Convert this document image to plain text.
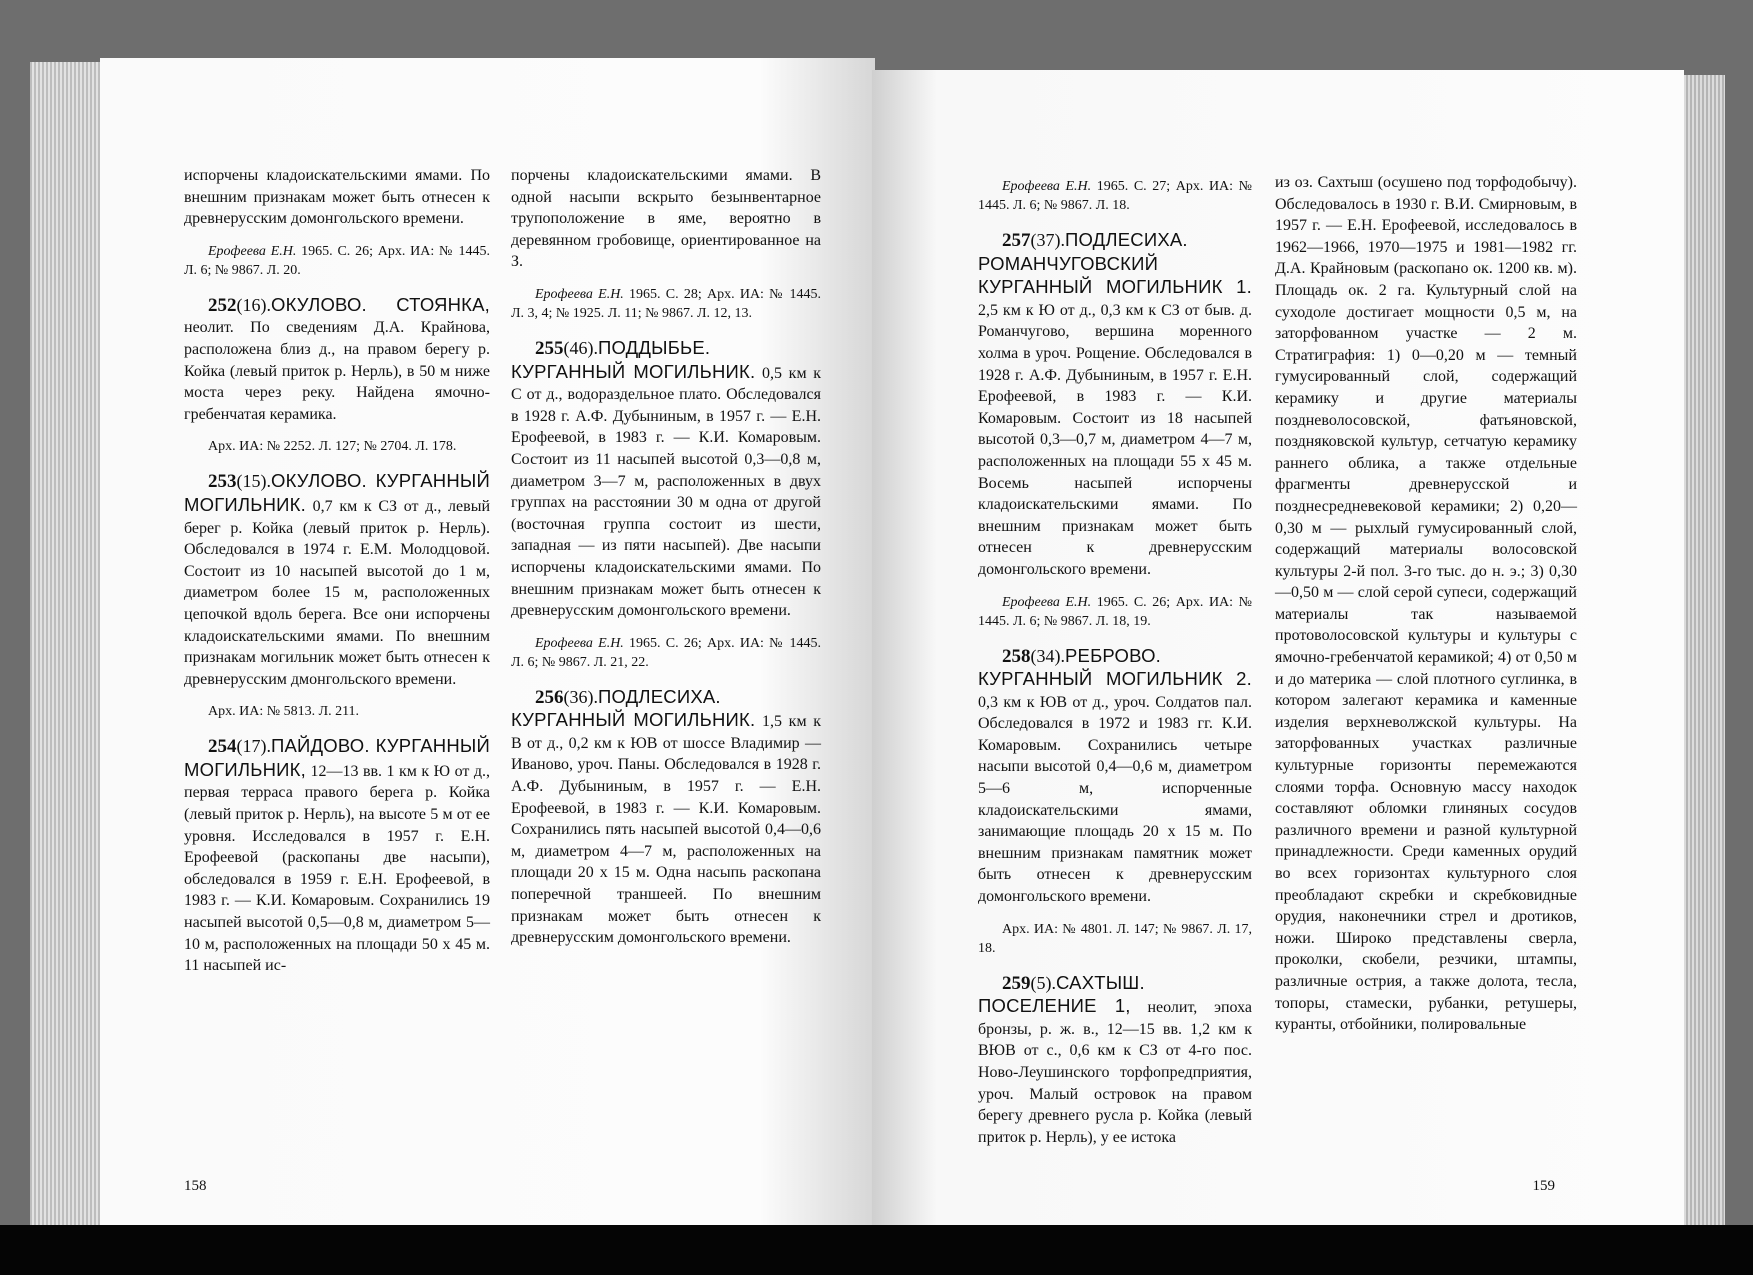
испорчены кладоискательскими ямами. По внешним признакам может быть отнесен к древнерусским домонгольского времени.

Ерофеева Е.Н. 1965. С. 26; Арх. ИА: № 1445. Л. 6; № 9867. Л. 20.

252(16).ОКУЛОВО. СТОЯНКА, неолит. По сведениям Д.А. Крайнова, расположена близ д., на правом берегу р. Койка (левый приток р. Нерль), в 50 м ниже моста через реку. Найдена ямочно-гребенчатая керамика.

Арх. ИА: № 2252. Л. 127; № 2704. Л. 178.

253(15).ОКУЛОВО. КУРГАННЫЙ МОГИЛЬНИК. 0,7 км к СЗ от д., левый берег р. Койка (левый приток р. Нерль). Обследовался в 1974 г. Е.М. Молодцовой. Состоит из 10 насыпей высотой до 1 м, диаметром более 15 м, расположенных цепочкой вдоль берега. Все они испорчены кладоискательскими ямами. По внешним признакам могильник может быть отнесен к древнерусским дмонгольского времени.

Арх. ИА: № 5813. Л. 211.

254(17).ПАЙДОВО. КУРГАННЫЙ МОГИЛЬНИК, 12—13 вв. 1 км к Ю от д., первая терраса правого берега р. Койка (левый приток р. Нерль), на высоте 5 м от ее уровня. Исследовался в 1957 г. Е.Н. Ерофеевой (раскопаны две насыпи), обследовался в 1959 г. Е.Н. Ерофеевой, в 1983 г. — К.И. Комаровым. Сохранились 19 насыпей высотой 0,5—0,8 м, диаметром 5—10 м, расположенных на площади 50 х 45 м. 11 насыпей ис-

158

порчены кладоискательскими ямами. В одной насыпи вскрыто безынвентарное трупоположение в яме, вероятно в деревянном гробовище, ориентированное на З.

Ерофеева Е.Н. 1965. С. 28; Арх. ИА: № 1445. Л. 3, 4; № 1925. Л. 11; № 9867. Л. 12, 13.

255(46).ПОДДЫБЬЕ. КУРГАННЫЙ МОГИЛЬНИК. 0,5 км к С от д., водораздельное плато. Обследовался в 1928 г. А.Ф. Дубыниным, в 1957 г. — Е.Н. Ерофеевой, в 1983 г. — К.И. Комаровым. Состоит из 11 насыпей высотой 0,3—0,8 м, диаметром 3—7 м, расположенных в двух группах на расстоянии 30 м одна от другой (восточная группа состоит из шести, западная — из пяти насыпей). Две насыпи испорчены кладоискательскими ямами. По внешним признакам может быть отнесен к древнерусским домонгольского времени.

Ерофеева Е.Н. 1965. С. 26; Арх. ИА: № 1445. Л. 6; № 9867. Л. 21, 22.

256(36).ПОДЛЕСИХА. КУРГАННЫЙ МОГИЛЬНИК. 1,5 км к В от д., 0,2 км к ЮВ от шоссе Владимир — Иваново, уроч. Паны. Обследовался в 1928 г. А.Ф. Дубыниным, в 1957 г. — Е.Н. Ерофеевой, в 1983 г. — К.И. Комаровым. Сохранились пять насыпей высотой 0,4—0,6 м, диаметром 4—7 м, расположенных на площади 20 х 15 м. Одна насыпь раскопана поперечной траншеей. По внешним признакам может быть отнесен к древнерусским домонгольского времени.

Ерофеева Е.Н. 1965. С. 27; Арх. ИА: № 1445. Л. 6; № 9867. Л. 18.

257(37).ПОДЛЕСИХА. РОМАНЧУГОВСКИЙ КУРГАННЫЙ МОГИЛЬНИК 1. 2,5 км к Ю от д., 0,3 км к СЗ от быв. д. Романчугово, вершина моренного холма в уроч. Рощение. Обследовался в 1928 г. А.Ф. Дубыниным, в 1957 г. Е.Н. Ерофеевой, в 1983 г. — К.И. Комаровым. Состоит из 18 насыпей высотой 0,3—0,7 м, диаметром 4—7 м, расположенных на площади 55 х 45 м. Восемь насыпей испорчены кладоискательскими ямами. По внешним признакам может быть отнесен к древнерусским домонгольского времени.

Ерофеева Е.Н. 1965. С. 26; Арх. ИА: № 1445. Л. 6; № 9867. Л. 18, 19.

258(34).РЕБРОВО. КУРГАННЫЙ МОГИЛЬНИК 2. 0,3 км к ЮВ от д., уроч. Солдатов пал. Обследовался в 1972 и 1983 гг. К.И. Комаровым. Сохранились четыре насыпи высотой 0,4—0,6 м, диаметром 5—6 м, испорченные кладоискательскими ямами, занимающие площадь 20 х 15 м. По внешним признакам памятник может быть отнесен к древнерусским домонгольского времени.

Арх. ИА: № 4801. Л. 147; № 9867. Л. 17, 18.

259(5).САХТЫШ. ПОСЕЛЕНИЕ 1, неолит, эпоха бронзы, р. ж. в., 12—15 вв. 1,2 км к ВЮВ от с., 0,6 км к СЗ от 4-го пос. Ново-Леушинского торфопредприятия, уроч. Малый островок на правом берегу древнего русла р. Койка (левый приток р. Нерль), у ее истока

из оз. Сахтыш (осушено под торфодобычу). Обследовалось в 1930 г. В.И. Смирновым, в 1957 г. — Е.Н. Ерофеевой, исследовалось в 1962—1966, 1970—1975 и 1981—1982 гг. Д.А. Крайновым (раскопано ок. 1200 кв. м). Площадь ок. 2 га. Культурный слой на суходоле достигает мощности 0,5 м, на заторфованном участке — 2 м. Стратиграфия: 1) 0—0,20 м — темный гумусированный слой, содержащий керамику и другие материалы поздневолосовской, фатьяновской, поздняковской культур, сетчатую керамику раннего облика, а также отдельные фрагменты древнерусской и позднесредневековой керамики; 2) 0,20—0,30 м — рыхлый гумусированный слой, содержащий материалы волосовской культуры 2-й пол. 3-го тыс. до н. э.; 3) 0,30—0,50 м — слой серой супеси, содержащий материалы так называемой протоволосовской культуры и культуры с ямочно-гребенчатой керамикой; 4) от 0,50 м и до материка — слой плотного суглинка, в котором залегают керамика и каменные изделия верхневолжской культуры. На заторфованных участках различные культурные горизонты перемежаются слоями торфа. Основную массу находок составляют обломки глиняных сосудов различного времени и разной культурной принадлежности. Среди каменных орудий во всех горизонтах культурного слоя преобладают скребки и скребковидные орудия, наконечники стрел и дротиков, ножи. Широко представлены сверла, проколки, скобели, резчики, штампы, различные острия, а также долота, тесла, топоры, стамески, рубанки, ретушеры, куранты, отбойники, полировальные

159
